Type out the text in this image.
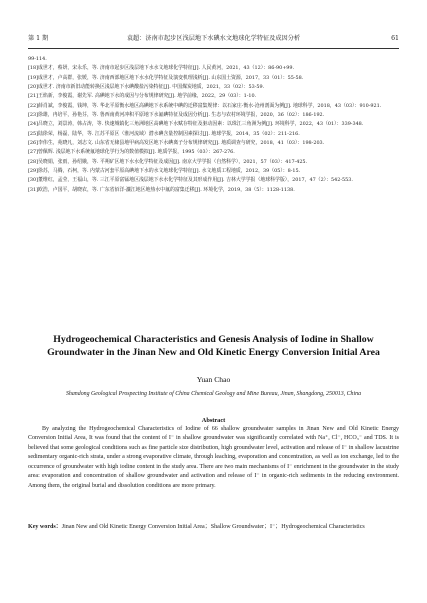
第 1 期	袁超：济南市起步区浅层地下水碘水文地球化学特征及成因分析	61
99-114.
[18]成世才，蔡妍，宋永乐，等. 济南市起步区浅层地下水水文地球化学特征[J]. 人民黄河，2021，43（12）：86-90+99.
[19]成世才，卢高群，张媛，等. 济南西部地区地下水水化学特征及演变机理浅析[J]. 山东国土资源，2017，33（01）：55-58.
[20]成世才. 济南市新旧动能转换区浅层地下水碘酸盐污染特征[J]. 中国煤炭地质，2021，33（02）：53-59.
[21]王焰新，李俊霞，谢先军. 高碘地下水的成因与分布规律研究[J]. 地学前缘，2022，29（03）：1-10.
[22]薛肖斌，李俊霞，钱坤，等. 华北平原衡水地区高碘地下水系统中碘的迁移富集规律：以石家庄-衡水-沧州剖面为例[J]. 地球科学，2018，43（03）：910-921.
[23]徐雄，冉培平，孙艳芬，等. 鲁西南黄河冲积平原地下水氟碘特征及成因分析[J]. 生态与农村环境学报，2020，36（02）：186-192.
[24]吕晓立，刘景涛，韩占涛，等. 快速城镇化三角洲地区高碘地下水赋存特征及驱动因素：以珠江三角洲为例[J]. 环境科学，2022，43（01）：339-348.
[25]陆徐荣，杨磊，陆华，等. 江苏平原区（淮河流域）潜水碘含量控制因素探讨[J]. 地球学报，2014，35（02）：211-216.
[26]李伟生，苑晓凡，刘志文. 山东省无棣县地甲病高发区地下水碘离子分布规律研究[J]. 地质调查与研究，2018，41（03）：198-203.
[27]曾佩辉. 浅层地下水系统氟地球化学行为的数值模拟[J]. 地质学报，1995（03）：267-276.
[28]吴晓娟，张雨，孙绍娥，等. 平朔矿区地下水水化学特征及成因[J]. 南京大学学报（自然科学），2021，57（03）：417-425.
[29]徐苏，马腾，石柯，等. 内蒙古河套平原高碘地下水的水文地球化学特征[J]. 水文地质工程地质，2012，39（05）：8-15.
[30]董维红，孟莹，王福山，等. 三江平原富锰地区浅层地下水水化学特征及其形成作用[J]. 吉林大学学报（地球科学版），2017，47（2）：542-553.
[31]欧浩，卢国平，胡晓农，等. 广东省佰洋-濂江地区地热水中氟的富集迁移[J]. 环境化学，2019，38（5）：1128-1138.
Hydrogeochemical Characteristics and Genesis Analysis of Iodine in Shallow Groundwater in the Jinan New and Old Kinetic Energy Conversion Initial Area
Yuan Chao
Shandong Geological Prospecting Institute of China Chemical Geology and Mine Bureau, Jinan, Shangdong, 250013, China
Abstract
By analyzing the Hydrogeochemical Characteristics of Iodine of 66 shallow groundwater samples in Jinan New and Old Kinetic Energy Conversion Initial Area, It was found that the content of I⁻ in shallow groundwater was significantly correlated with Na⁺, Cl⁻, HCO₃⁻ and TDS. It is believed that some geological conditions such as fine particle size distribution, high groundwater level, activation and release of I⁻ in shallow lacustrine sedimentary organic-rich strata, under a strong evaporative climate, through leaching, evaporation and concentration, as well as ion exchange, led to the occurrence of groundwater with high iodine content in the study area. There are two main mechanisms of I⁻ enrichment in the groundwater in the study area: evaporation and concentration of shallow groundwater and activation and release of I⁻ in organic-rich sediments in the reducing environment. Among them, the original burial and dissolution conditions are more primary.
Key words：Jinan New and Old Kinetic Energy Conversion Initial Area；Shallow Groundwater；I⁻；Hydrogeochemical Characteristics
